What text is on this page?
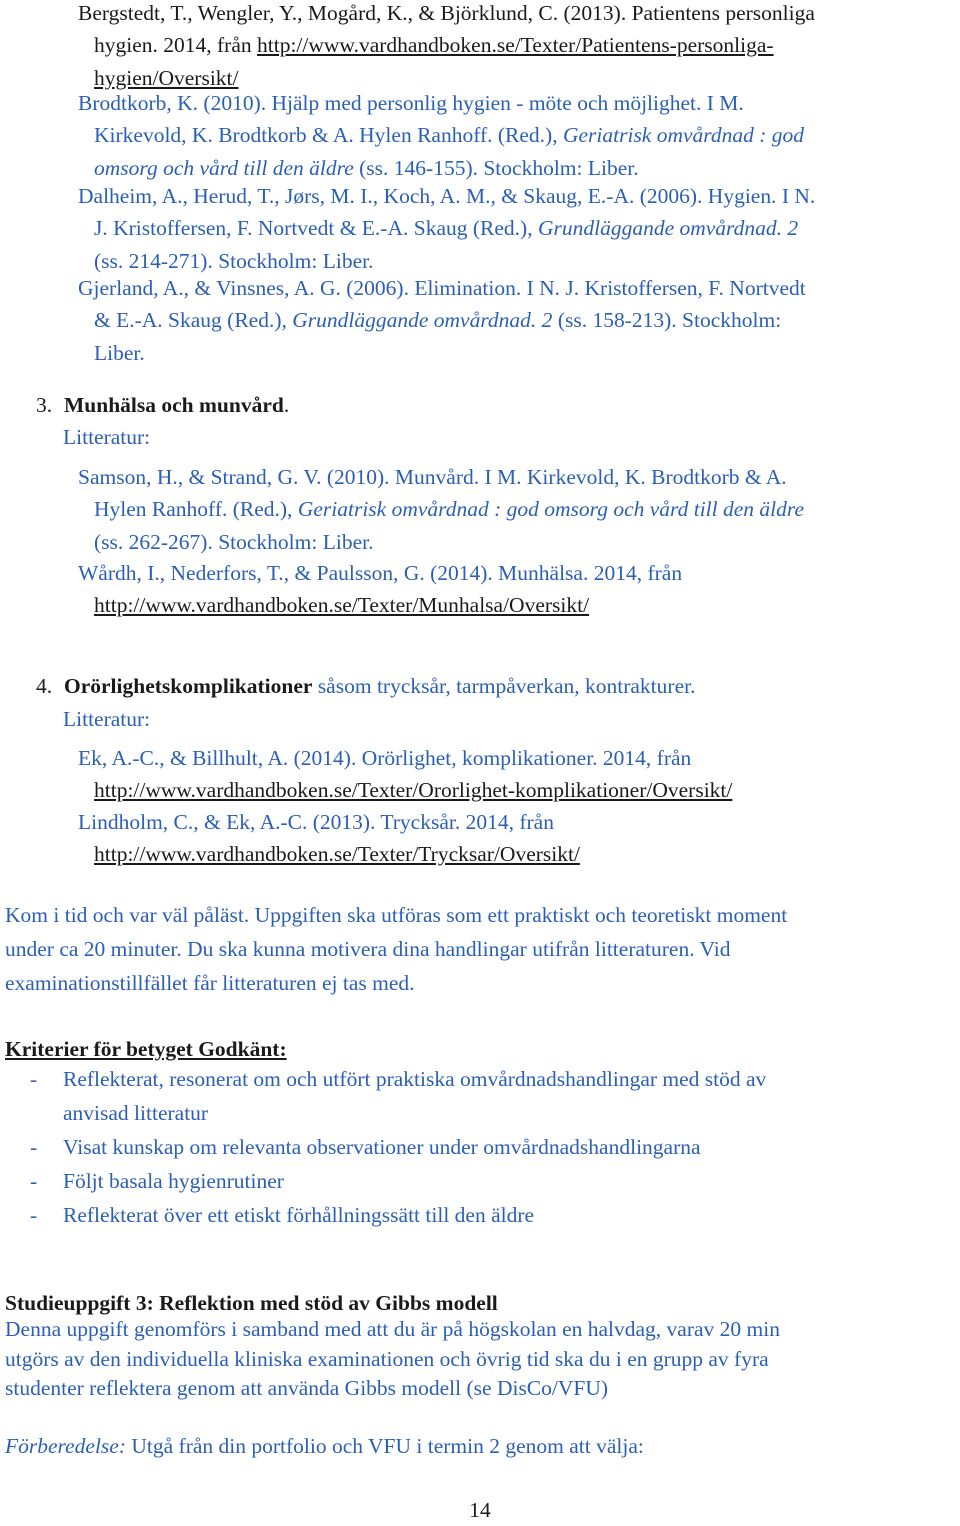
Bergstedt, T., Wengler, Y., Mogård, K., & Björklund, C. (2013). Patientens personliga
hygien. 2014, från http://www.vardhandboken.se/Texter/Patientens-personliga-
hygien/Oversikt/
Brodtkorb, K. (2010). Hjälp med personlig hygien - möte och möjlighet. I M.
Kirkevold, K. Brodtkorb & A. Hylen Ranhoff. (Red.), Geriatrisk omvårdnad : god
omsorg och vård till den äldre (ss. 146-155). Stockholm: Liber.
Dalheim, A., Herud, T., Jørs, M. I., Koch, A. M., & Skaug, E.-A. (2006). Hygien. I N.
J. Kristoffersen, F. Nortvedt & E.-A. Skaug (Red.), Grundläggande omvårdnad. 2
(ss. 214-271). Stockholm: Liber.
Gjerland, A., & Vinsnes, A. G. (2006). Elimination. I N. J. Kristoffersen, F. Nortvedt
& E.-A. Skaug (Red.), Grundläggande omvårdnad. 2 (ss. 158-213). Stockholm:
Liber.
3. Munhälsa och munvård.
Litteratur:
Samson, H., & Strand, G. V. (2010). Munvård. I M. Kirkevold, K. Brodtkorb & A.
Hylen Ranhoff. (Red.), Geriatrisk omvårdnad : god omsorg och vård till den äldre
(ss. 262-267). Stockholm: Liber.
Wårdh, I., Nederfors, T., & Paulsson, G. (2014). Munhälsa. 2014, från
http://www.vardhandboken.se/Texter/Munhalsa/Oversikt/
4. Orörlighetskomplikationer såsom trycksår, tarmpåverkan, kontrakturer.
Litteratur:
Ek, A.-C., & Billhult, A. (2014). Orörlighet, komplikationer. 2014, från
http://www.vardhandboken.se/Texter/Ororlighet-komplikationer/Oversikt/
Lindholm, C., & Ek, A.-C. (2013). Trycksår. 2014, från
http://www.vardhandboken.se/Texter/Trycksar/Oversikt/
Kom i tid och var väl påläst. Uppgiften ska utföras som ett praktiskt och teoretiskt moment
under ca 20 minuter. Du ska kunna motivera dina handlingar utifrån litteraturen. Vid
examinationstillfället får litteraturen ej tas med.
Kriterier för betyget Godkänt:
- Reflekterat, resonerat om och utfört praktiska omvårdnadshandlingar med stöd av
anvisad litteratur
- Visat kunskap om relevanta observationer under omvårdnadshandlingarna
- Följt basala hygienrutiner
- Reflekterat över ett etiskt förhållningssätt till den äldre
Studieuppgift 3: Reflektion med stöd av Gibbs modell
Denna uppgift genomförs i samband med att du är på högskolan en halvdag, varav 20 min
utgörs av den individuella kliniska examinationen och övrig tid ska du i en grupp av fyra
studenter reflektera genom att använda Gibbs modell (se DisCo/VFU)
Förberedelse: Utgå från din portfolio och VFU i termin 2 genom att välja:
14
